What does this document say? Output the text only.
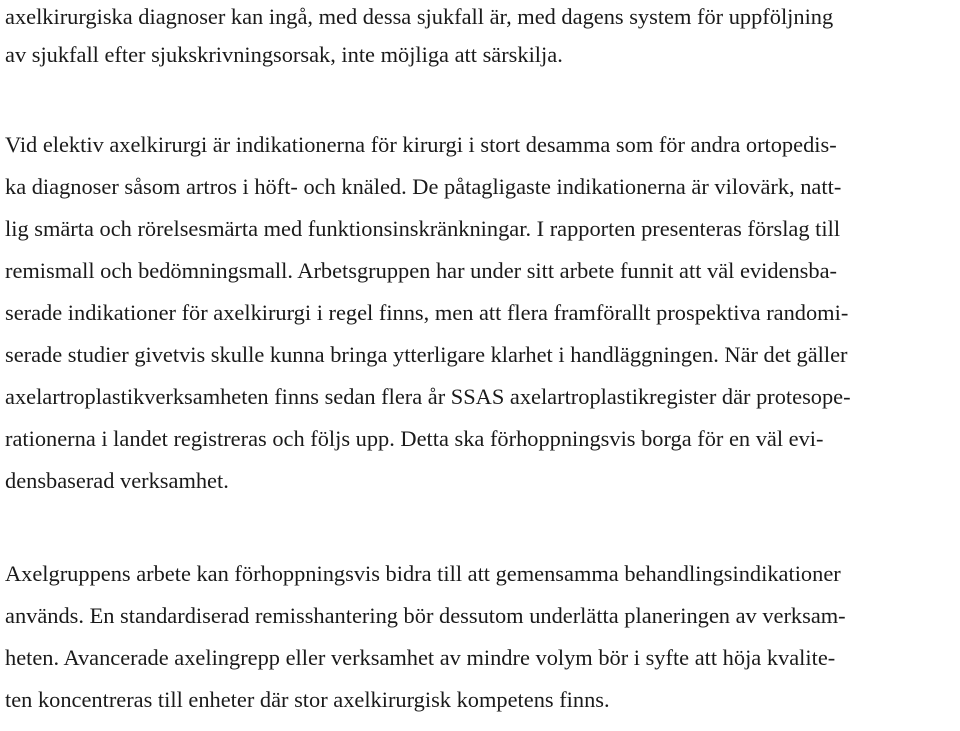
axelkirurgiska diagnoser kan ingå, med dessa sjukfall är, med dagens system för uppföljning
av sjukfall efter sjukskrivningsorsak, inte möjliga att särskilja.
Vid elektiv axelkirurgi är indikationerna för kirurgi i stort desamma som för andra ortopedis-
ka diagnoser såsom artros i höft- och knäled. De påtagligaste indikationerna är vilovärk, natt-
lig smärta och rörelsesmärta med funktionsinskränkningar. I rapporten presenteras förslag till
remismall och bedömningsmall. Arbetsgruppen har under sitt arbete funnit att väl evidensba-
serade indikationer för axelkirurgi i regel finns, men att flera framförallt prospektiva randomi-
serade studier givetvis skulle kunna bringa ytterligare klarhet i handläggningen. När det gäller
axelartroplastikverksamheten finns sedan flera år SSAS axelartroplastikregister där protesope-
rationerna i landet registreras och följs upp. Detta ska förhoppningsvis borga för en väl evi-
densbaserad verksamhet.
Axelgruppens arbete kan förhoppningsvis bidra till att gemensamma behandlingsindikationer
används. En standardiserad remisshantering bör dessutom underlätta planeringen av verksam-
heten. Avancerade axelingrepp eller verksamhet av mindre volym bör i syfte att höja kvalite-
ten koncentreras till enheter där stor axelkirurgisk kompetens finns.
